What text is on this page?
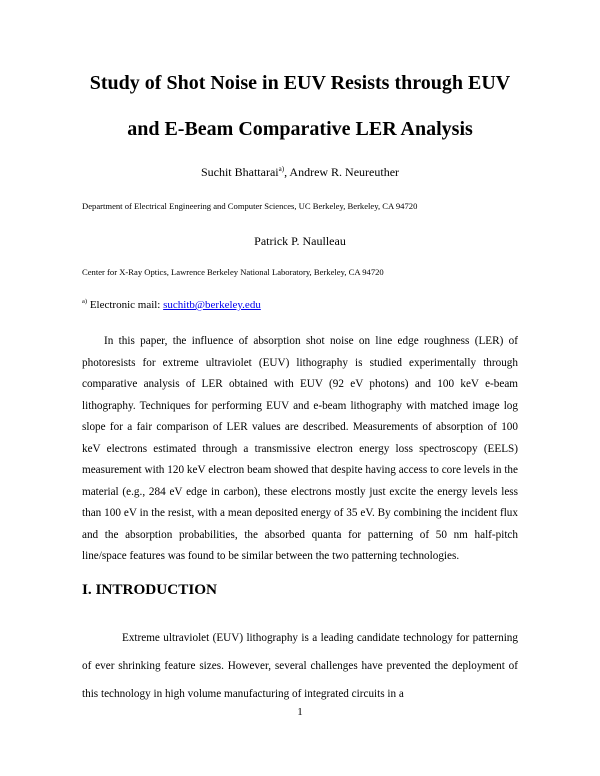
Study of Shot Noise in EUV Resists through EUV
and E-Beam Comparative LER Analysis
Suchit Bhattarai$^{a)}$, Andrew R. Neureuther
Department of Electrical Engineering and Computer Sciences, UC Berkeley, Berkeley, CA 94720
Patrick P. Naulleau
Center for X-Ray Optics, Lawrence Berkeley National Laboratory, Berkeley, CA 94720
$^{a)}$ Electronic mail: suchitb@berkeley.edu

In this paper, the influence of absorption shot noise on line edge roughness (LER) of photoresists for extreme ultraviolet (EUV) lithography is studied experimentally through comparative analysis of LER obtained with EUV (92 eV photons) and 100 keV e-beam lithography. Techniques for performing EUV and e-beam lithography with matched image log slope for a fair comparison of LER values are described. Measurements of absorption of 100 keV electrons estimated through a transmissive electron energy loss spectroscopy (EELS) measurement with 120 keV electron beam showed that despite having access to core levels in the material (e.g., 284 eV edge in carbon), these electrons mostly just excite the energy levels less than 100 eV in the resist, with a mean deposited energy of 35 eV. By combining the incident flux and the absorption probabilities, the absorbed quanta for patterning of 50 nm half-pitch line/space features was found to be similar between the two patterning technologies.

I. INTRODUCTION

Extreme ultraviolet (EUV) lithography is a leading candidate technology for patterning of ever shrinking feature sizes. However, several challenges have prevented the deployment of this technology in high volume manufacturing of integrated circuits in a

1
